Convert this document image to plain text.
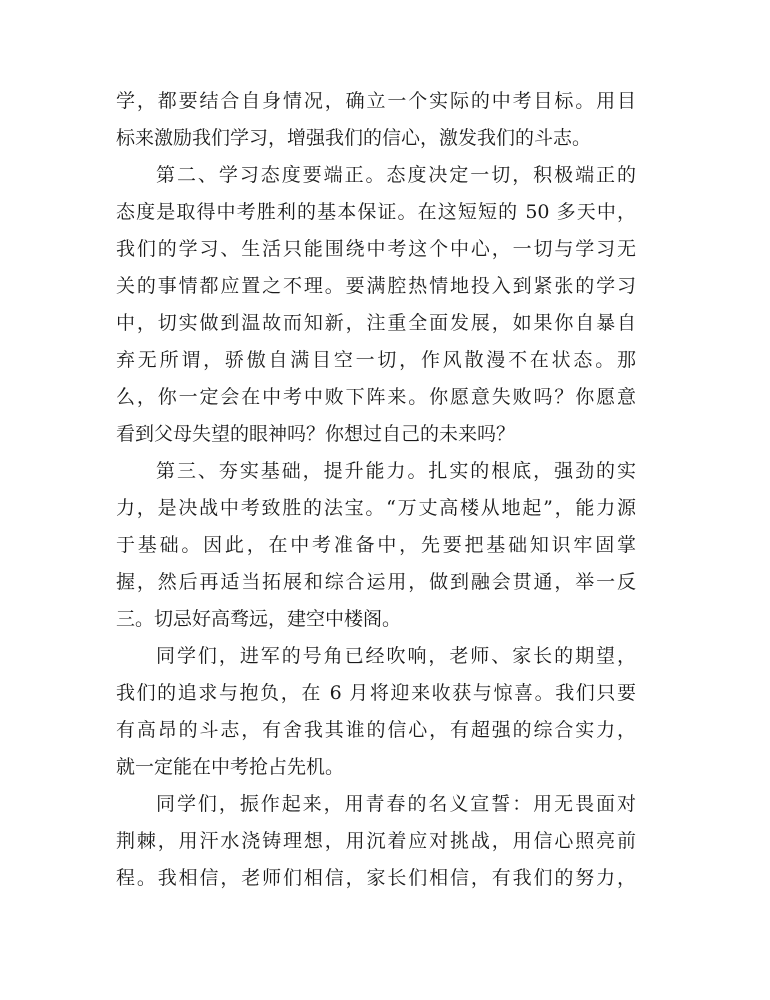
学，都要结合自身情况，确立一个实际的中考目标。用目
标来激励我们学习，增强我们的信心，激发我们的斗志。
第二、学习态度要端正。态度决定一切，积极端正的
态度是取得中考胜利的基本保证。在这短短的 50 多天中，
我们的学习、生活只能围绕中考这个中心，一切与学习无
关的事情都应置之不理。要满腔热情地投入到紧张的学习
中，切实做到温故而知新，注重全面发展，如果你自暴自
弃无所谓，骄傲自满目空一切，作风散漫不在状态。那
么，你一定会在中考中败下阵来。你愿意失败吗？你愿意
看到父母失望的眼神吗？你想过自己的未来吗？
第三、夯实基础，提升能力。扎实的根底，强劲的实
力，是决战中考致胜的法宝。“万丈高楼从地起”，能力源
于基础。因此，在中考准备中，先要把基础知识牢固掌
握，然后再适当拓展和综合运用，做到融会贯通，举一反
三。切忌好高骛远，建空中楼阁。
同学们，进军的号角已经吹响，老师、家长的期望，
我们的追求与抱负，在 6 月将迎来收获与惊喜。我们只要
有高昂的斗志，有舍我其谁的信心，有超强的综合实力，
就一定能在中考抢占先机。
同学们，振作起来，用青春的名义宣誓：用无畏面对
荆棘，用汗水浇铸理想，用沉着应对挑战，用信心照亮前
程。我相信，老师们相信，家长们相信，有我们的努力，
